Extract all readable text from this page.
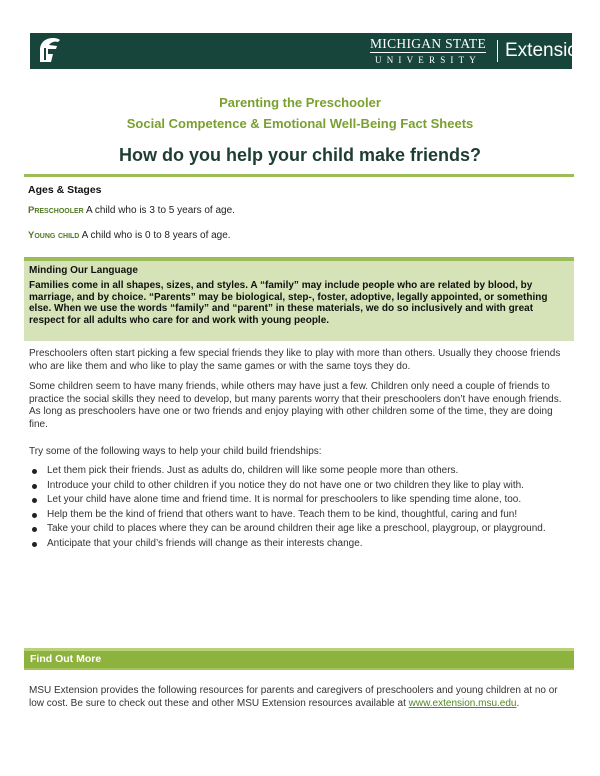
MICHIGAN STATE
UNIVERSITY Extension
Parenting the Preschooler
Social Competence & Emotional Well-Being Fact Sheets
How do you help your child make friends?
Ages & Stages
Preschooler A child who is 3 to 5 years of age.
Young child A child who is 0 to 8 years of age.
Minding Our Language

Families come in all shapes, sizes, and styles. A “family” may include people who are related by blood, by marriage, and by choice. “Parents” may be biological, step-, foster, adoptive, legally appointed, or something else. When we use the words “family” and “parent” in these materials, we do so inclusively and with great respect for all adults who care for and work with young people.

Preschoolers often start picking a few special friends they like to play with more than others. Usually they choose friends who are like them and who like to play the same games or with the same toys they do.

Some children seem to have many friends, while others may have just a few. Children only need a couple of friends to practice the social skills they need to develop, but many parents worry that their preschoolers don’t have enough friends. As long as preschoolers have one or two friends and enjoy playing with other children some of the time, they are doing fine.

Try some of the following ways to help your child build friendships:

Let them pick their friends. Just as adults do, children will like some people more than others.
Introduce your child to other children if you notice they do not have one or two children they like to play with.
Let your child have alone time and friend time. It is normal for preschoolers to like spending time alone, too.
Help them be the kind of friend that others want to have. Teach them to be kind, thoughtful, caring and fun!
Take your child to places where they can be around children their age like a preschool, playgroup, or playground.
Anticipate that your child’s friends will change as their interests change.
Find Out More

MSU Extension provides the following resources for parents and caregivers of preschoolers and young children at no or low cost. Be sure to check out these and other MSU Extension resources available at www.extension.msu.edu.
